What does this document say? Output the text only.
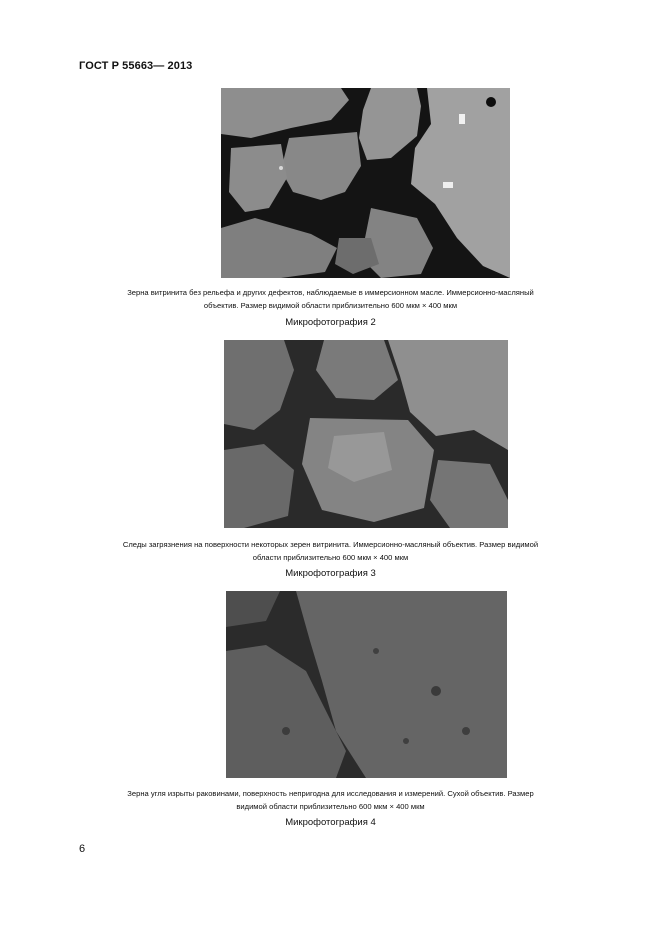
ГОСТ Р 55663— 2013
Зерна витринита без рельефа и других дефектов, наблюдаемые в иммерсионном масле. Иммерсионно-масляный
объектив. Размер видимой области приблизительно 600 мкм × 400 мкм
Микрофотография 2
Следы загрязнения на поверхности некоторых зерен витринита. Иммерсионно-масляный объектив. Размер видимой
области приблизительно 600 мкм × 400 мкм
Микрофотография 3
Зерна угля изрыты раковинами, поверхность непригодна для исследования и измерений. Сухой объектив. Размер
видимой области приблизительно 600 мкм × 400 мкм
Микрофотография 4
6
